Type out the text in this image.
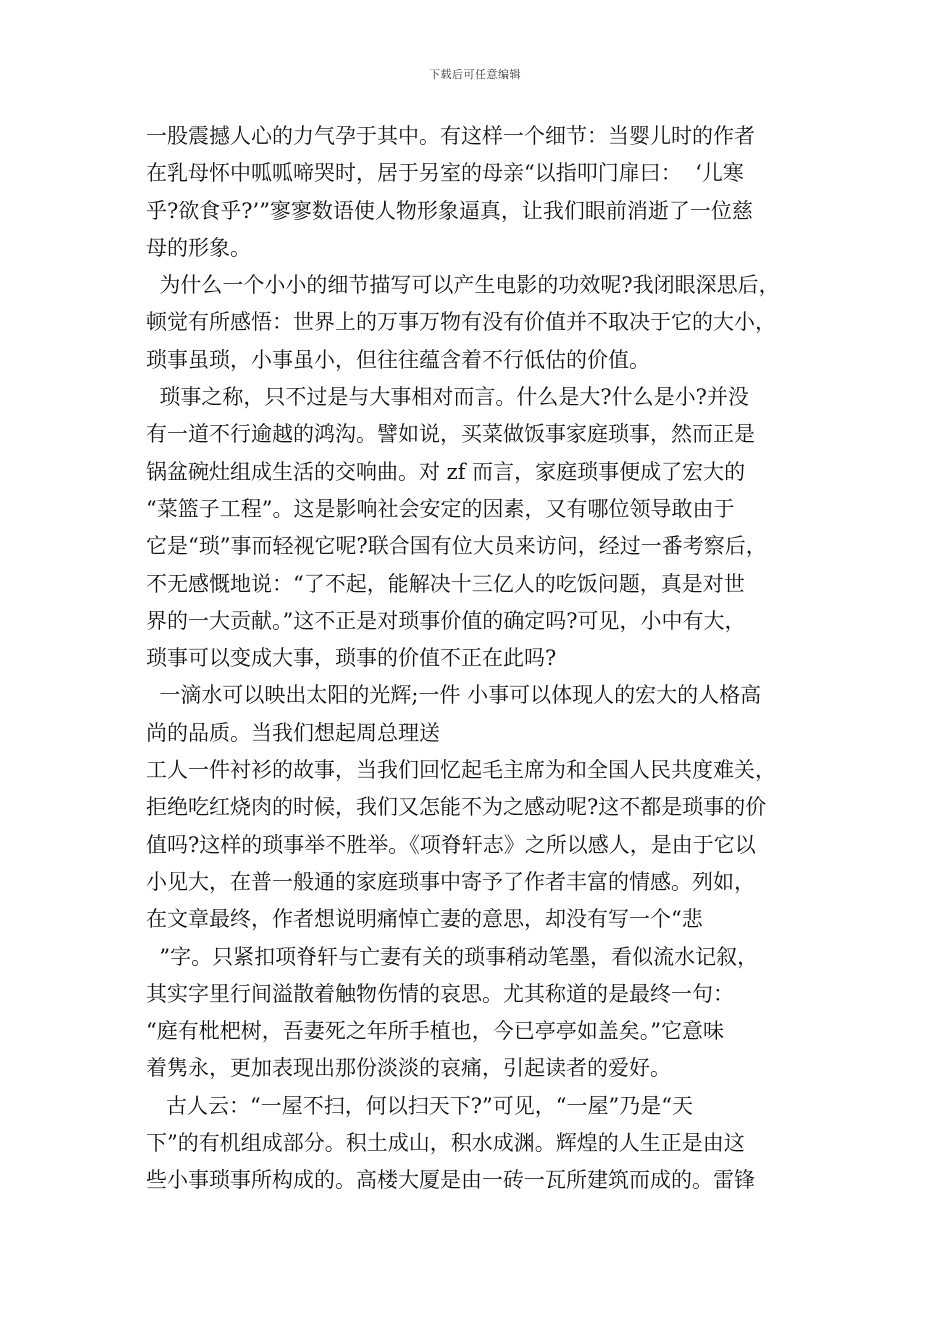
下载后可任意编辑
一股震撼人心的力气孕于其中。有这样一个细节：当婴儿时的作者
在乳母怀中呱呱啼哭时，居于另室的母亲“以指叩门扉曰：  ‘儿寒
乎?欲食乎?’”寥寥数语使人物形象逼真，让我们眼前消逝了一位慈
母的形象。
为什么一个小小的细节描写可以产生电影的功效呢?我闭眼深思后，
顿觉有所感悟：世界上的万事万物有没有价值并不取决于它的大小，
琐事虽琐，小事虽小，但往往蕴含着不行低估的价值。
琐事之称，只不过是与大事相对而言。什么是大?什么是小?并没
有一道不行逾越的鸿沟。譬如说，买菜做饭事家庭琐事，然而正是
锅盆碗灶组成生活的交响曲。对 zf 而言，家庭琐事便成了宏大的
“菜篮子工程”。这是影响社会安定的因素，又有哪位领导敢由于
它是“琐”事而轻视它呢?联合国有位大员来访问，经过一番考察后，
不无感慨地说：“了不起，能解决十三亿人的吃饭问题，真是对世
界的一大贡献。”这不正是对琐事价值的确定吗?可见，小中有大，
琐事可以变成大事，琐事的价值不正在此吗?
一滴水可以映出太阳的光辉;一件 小事可以体现人的宏大的人格高
尚的品质。当我们想起周总理送
工人一件衬衫的故事，当我们回忆起毛主席为和全国人民共度难关，
拒绝吃红烧肉的时候，我们又怎能不为之感动呢?这不都是琐事的价
值吗?这样的琐事举不胜举。《项脊轩志》之所以感人，是由于它以
小见大，在普一般通的家庭琐事中寄予了作者丰富的情感。列如，
在文章最终，作者想说明痛悼亡妻的意思，却没有写一个“悲
”字。只紧扣项脊轩与亡妻有关的琐事稍动笔墨，看似流水记叙，
其实字里行间溢散着触物伤情的哀思。尤其称道的是最终一句：
“庭有枇杷树，吾妻死之年所手植也，今已亭亭如盖矣。”它意味
着隽永，更加表现出那份淡淡的哀痛，引起读者的爱好。
古人云：“一屋不扫，何以扫天下?”可见，“一屋”乃是“天
下”的有机组成部分。积土成山，积水成渊。辉煌的人生正是由这
些小事琐事所构成的。高楼大厦是由一砖一瓦所建筑而成的。雷锋
